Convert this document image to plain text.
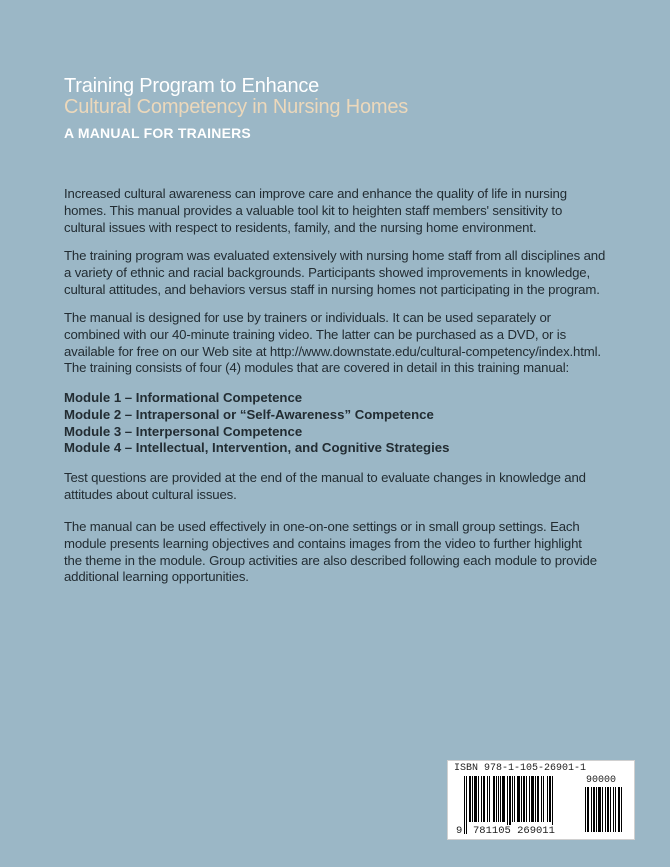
Training Program to Enhance
Cultural Competency in Nursing Homes
A MANUAL FOR TRAINERS
Increased cultural awareness can improve care and enhance the quality of life in nursing
homes. This manual provides a valuable tool kit to heighten staff members' sensitivity to
cultural issues with respect to residents, family, and the nursing home environment.
The training program was evaluated extensively with nursing home staff from all disciplines and
a variety of ethnic and racial backgrounds. Participants showed improvements in knowledge,
cultural attitudes, and behaviors versus staff in nursing homes not participating in the program.
The manual is designed for use by trainers or individuals. It can be used separately or
combined with our 40-minute training video. The latter can be purchased as a DVD, or is
available for free on our Web site at http://www.downstate.edu/cultural-competency/index.html.
The training consists of four (4) modules that are covered in detail in this training manual:
Module 1 – Informational Competence
Module 2 – Intrapersonal or “Self-Awareness” Competence
Module 3 – Interpersonal Competence
Module 4 – Intellectual, Intervention, and Cognitive Strategies
Test questions are provided at the end of the manual to evaluate changes in knowledge and
attitudes about cultural issues.
The manual can be used effectively in one-on-one settings or in small group settings. Each
module presents learning objectives and contains images from the video to further highlight
the theme in the module. Group activities are also described following each module to provide
additional learning opportunities.
ISBN 978-1-105-26901-1
90000
9 781105 269011
